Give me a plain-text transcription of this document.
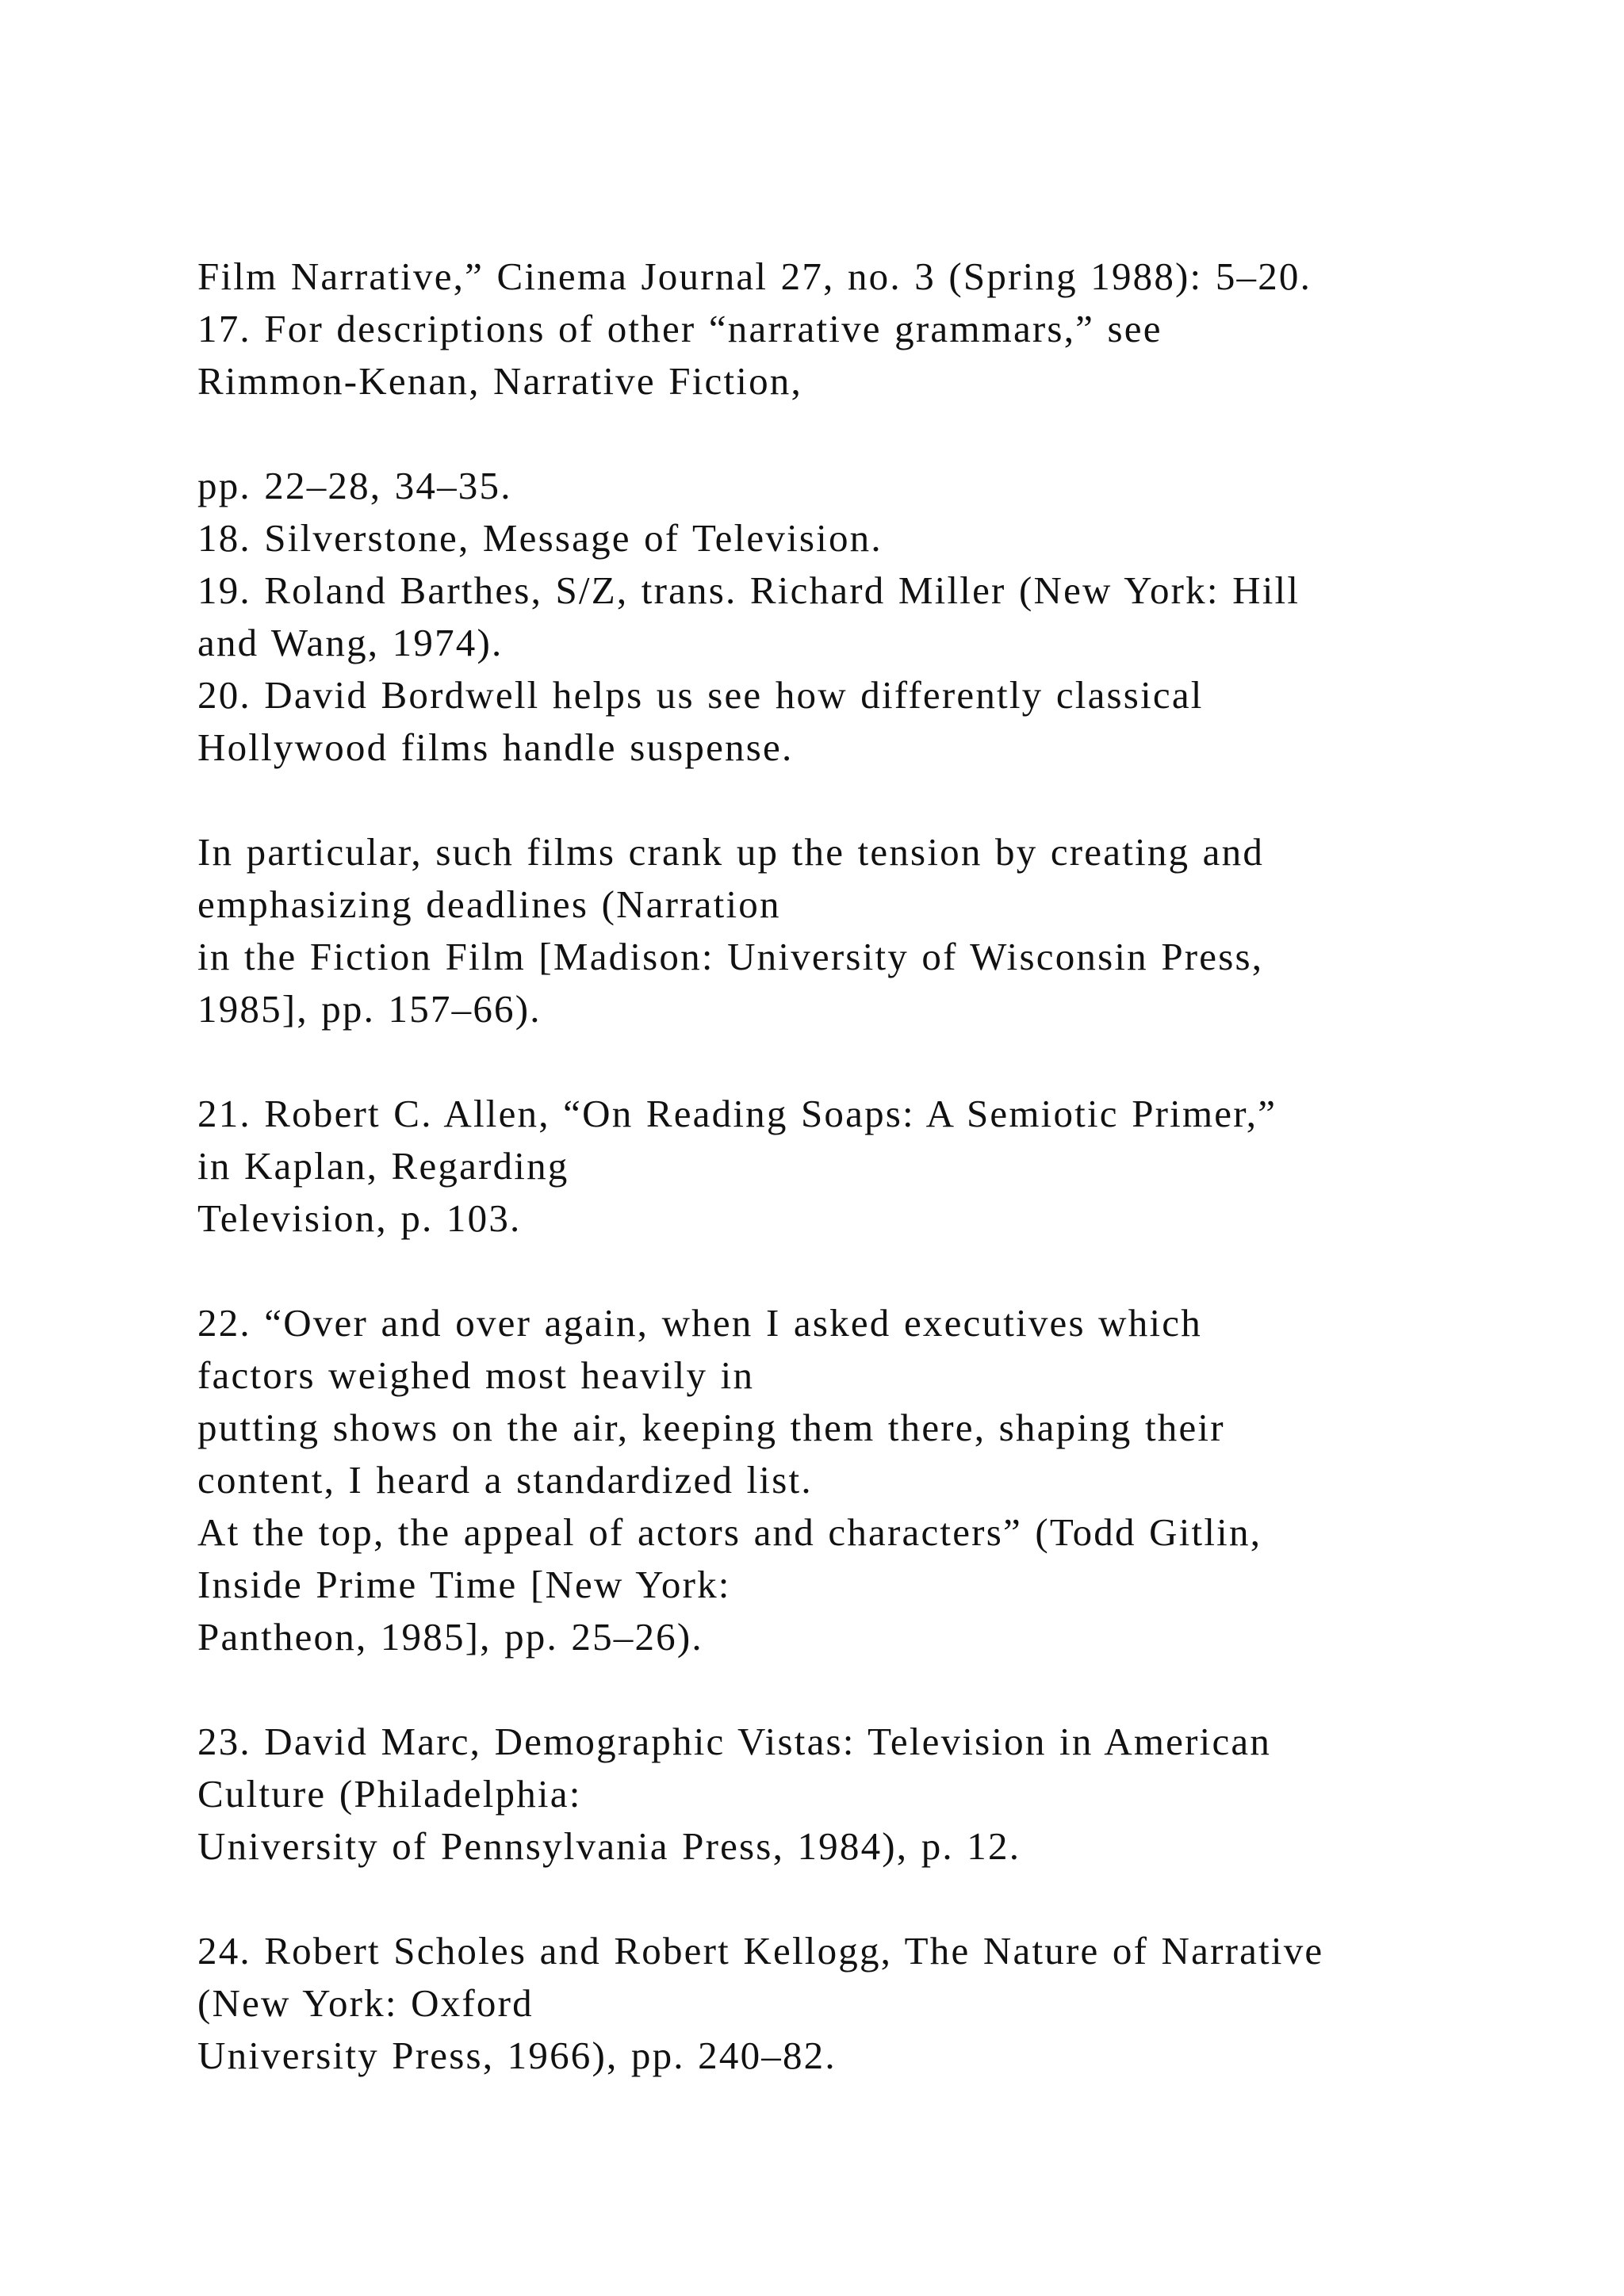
Film Narrative,” Cinema Journal 27, no. 3 (Spring 1988): 5–20.
17. For descriptions of other “narrative grammars,” see
Rimmon-Kenan, Narrative Fiction,
pp. 22–28, 34–35.
18. Silverstone, Message of Television.
19. Roland Barthes, S/Z, trans. Richard Miller (New York: Hill
and Wang, 1974).
20. David Bordwell helps us see how differently classical
Hollywood films handle suspense.
In particular, such films crank up the tension by creating and
emphasizing deadlines (Narration
in the Fiction Film [Madison: University of Wisconsin Press,
1985], pp. 157–66).
21. Robert C. Allen, “On Reading Soaps: A Semiotic Primer,”
in Kaplan, Regarding
Television, p. 103.
22. “Over and over again, when I asked executives which
factors weighed most heavily in
putting shows on the air, keeping them there, shaping their
content, I heard a standardized list.
At the top, the appeal of actors and characters” (Todd Gitlin,
Inside Prime Time [New York:
Pantheon, 1985], pp. 25–26).
23. David Marc, Demographic Vistas: Television in American
Culture (Philadelphia:
University of Pennsylvania Press, 1984), p. 12.
24. Robert Scholes and Robert Kellogg, The Nature of Narrative
(New York: Oxford
University Press, 1966), pp. 240–82.
